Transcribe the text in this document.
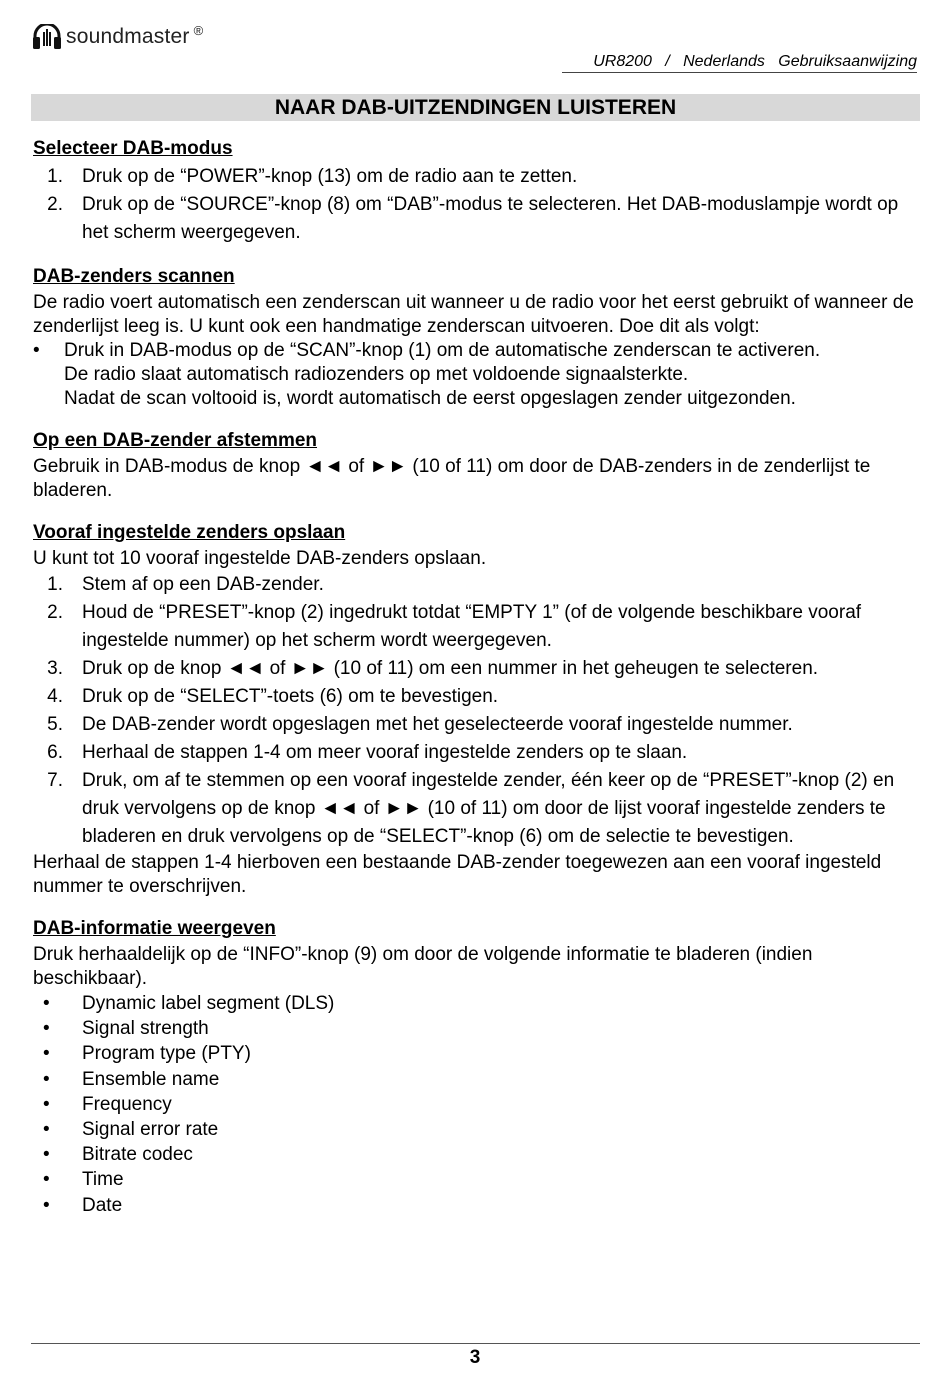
soundmaster ®
UR8200 / Nederlands Gebruiksaanwijzing
NAAR DAB-UITZENDINGEN LUISTEREN
Selecteer DAB-modus
1. Druk op de “POWER”-knop (13) om de radio aan te zetten.
2. Druk op de “SOURCE”-knop (8) om “DAB”-modus te selecteren. Het DAB-moduslampje wordt op het scherm weergegeven.
DAB-zenders scannen

De radio voert automatisch een zenderscan uit wanneer u de radio voor het eerst gebruikt of wanneer de zenderlijst leeg is. U kunt ook een handmatige zenderscan uitvoeren. Doe dit als volgt:

• Druk in DAB-modus op de “SCAN”-knop (1) om de automatische zenderscan te activeren.
De radio slaat automatisch radiozenders op met voldoende signaalsterkte.
Nadat de scan voltooid is, wordt automatisch de eerst opgeslagen zender uitgezonden.
Op een DAB-zender afstemmen

Gebruik in DAB-modus de knop ◄◄ of ►► (10 of 11) om door de DAB-zenders in de zenderlijst te bladeren.

Vooraf ingestelde zenders opslaan

U kunt tot 10 vooraf ingestelde DAB-zenders opslaan.

1. Stem af op een DAB-zender.
2. Houd de “PRESET”-knop (2) ingedrukt totdat “EMPTY 1” (of de volgende beschikbare vooraf ingestelde nummer) op het scherm wordt weergegeven.
3. Druk op de knop ◄◄ of ►► (10 of 11) om een nummer in het geheugen te selecteren.
4. Druk op de “SELECT”-toets (6) om te bevestigen.
5. De DAB-zender wordt opgeslagen met het geselecteerde vooraf ingestelde nummer.
6. Herhaal de stappen 1-4 om meer vooraf ingestelde zenders op te slaan.
7. Druk, om af te stemmen op een vooraf ingestelde zender, één keer op de “PRESET”-knop (2) en druk vervolgens op de knop ◄◄ of ►► (10 of 11) om door de lijst vooraf ingestelde zenders te bladeren en druk vervolgens op de “SELECT”-knop (6) om de selectie te bevestigen.

Herhaal de stappen 1-4 hierboven een bestaande DAB-zender toegewezen aan een vooraf ingesteld nummer te overschrijven.

DAB-informatie weergeven

Druk herhaaldelijk op de “INFO”-knop (9) om door de volgende informatie te bladeren (indien beschikbaar).

• Dynamic label segment (DLS)
• Signal strength
• Program type (PTY)
• Ensemble name
• Frequency
• Signal error rate
• Bitrate codec
• Time
• Date
3
